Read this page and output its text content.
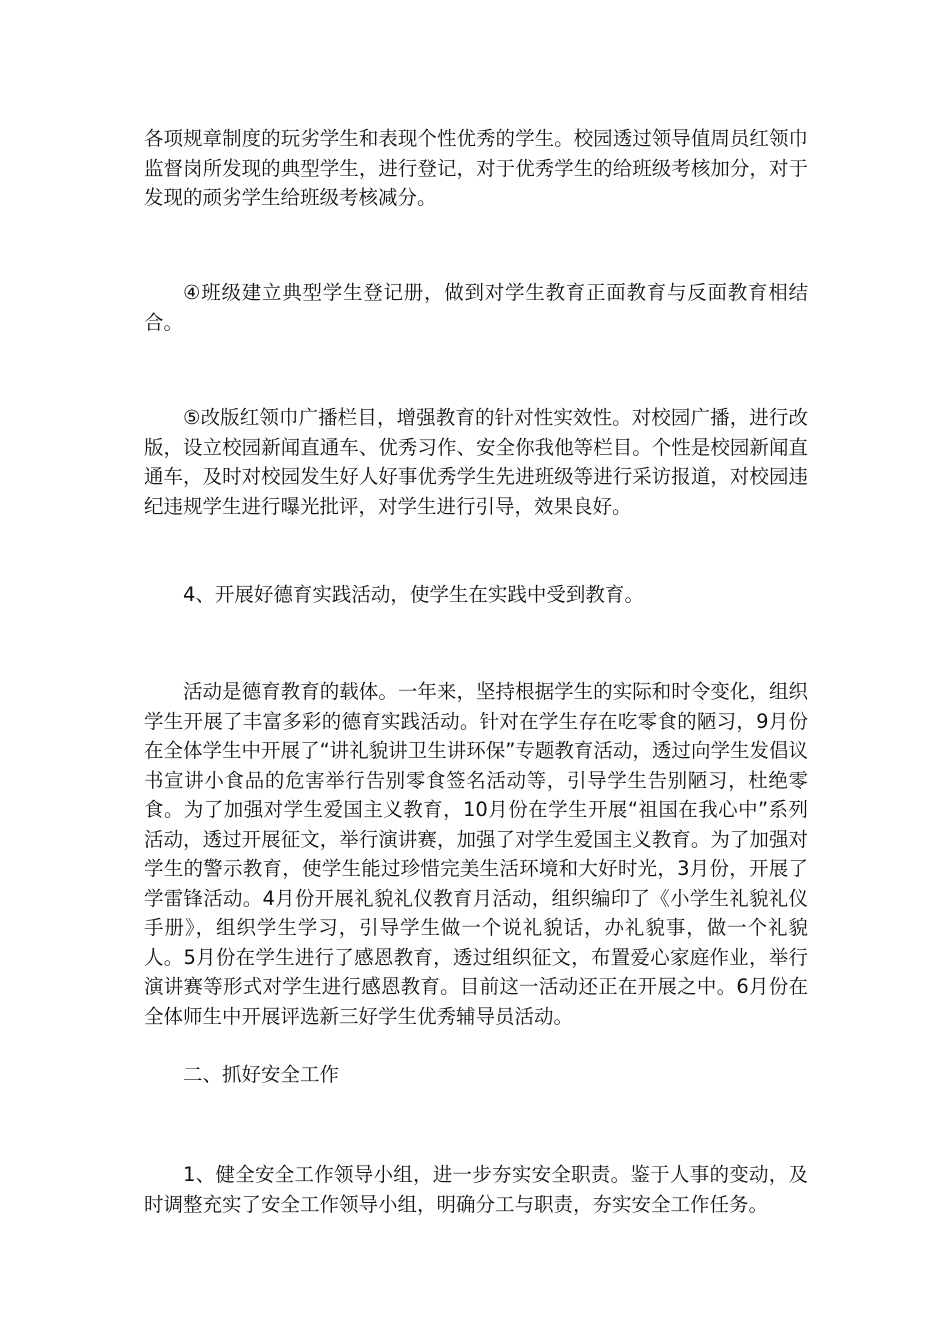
各项规章制度的玩劣学生和表现个性优秀的学生。校园透过领导值周员红领巾监督岗所发现的典型学生，进行登记，对于优秀学生的给班级考核加分，对于发现的顽劣学生给班级考核减分。

④班级建立典型学生登记册，做到对学生教育正面教育与反面教育相结合。

⑤改版红领巾广播栏目，增强教育的针对性实效性。对校园广播，进行改版，设立校园新闻直通车、优秀习作、安全你我他等栏目。个性是校园新闻直通车，及时对校园发生好人好事优秀学生先进班级等进行采访报道，对校园违纪违规学生进行曝光批评，对学生进行引导，效果良好。

4、开展好德育实践活动，使学生在实践中受到教育。

活动是德育教育的载体。一年来，坚持根据学生的实际和时令变化，组织学生开展了丰富多彩的德育实践活动。针对在学生存在吃零食的陋习，9月份在全体学生中开展了“讲礼貌讲卫生讲环保”专题教育活动，透过向学生发倡议书宣讲小食品的危害举行告别零食签名活动等，引导学生告别陋习，杜绝零食。为了加强对学生爱国主义教育，10月份在学生开展“祖国在我心中”系列活动，透过开展征文，举行演讲赛，加强了对学生爱国主义教育。为了加强对学生的警示教育，使学生能过珍惜完美生活环境和大好时光，3月份，开展了学雷锋活动。4月份开展礼貌礼仪教育月活动，组织编印了《小学生礼貌礼仪手册》，组织学生学习，引导学生做一个说礼貌话，办礼貌事，做一个礼貌人。5月份在学生进行了感恩教育，透过组织征文，布置爱心家庭作业，举行演讲赛等形式对学生进行感恩教育。目前这一活动还正在开展之中。6月份在全体师生中开展评选新三好学生优秀辅导员活动。

二、抓好安全工作

1、健全安全工作领导小组，进一步夯实安全职责。鉴于人事的变动，及时调整充实了安全工作领导小组，明确分工与职责，夯实安全工作任务。
